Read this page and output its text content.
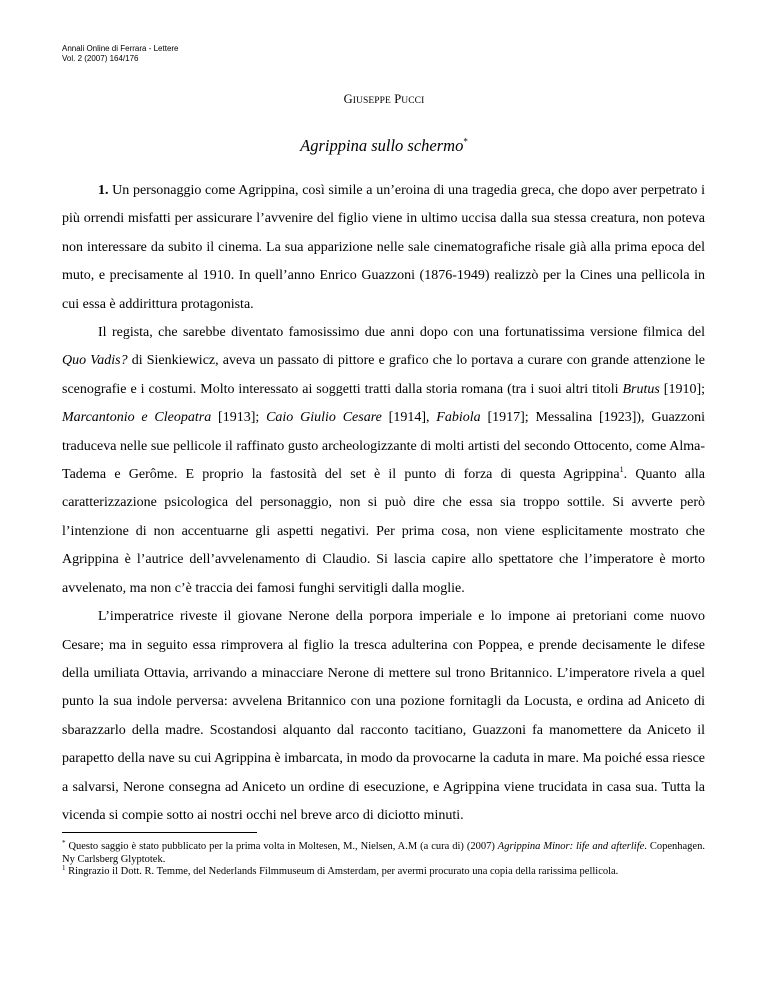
Annali Online di Ferrara - Lettere
Vol. 2 (2007) 164/176
GIUSEPPE PUCCI
Agrippina sullo schermo*

1. Un personaggio come Agrippina, così simile a un’eroina di una tragedia greca, che dopo aver perpetrato i più orrendi misfatti per assicurare l’avvenire del figlio viene in ultimo uccisa dalla sua stessa creatura, non poteva non interessare da subito il cinema. La sua apparizione nelle sale cinematografiche risale già alla prima epoca del muto, e precisamente al 1910. In quell’anno Enrico Guazzoni (1876-1949) realizzò per la Cines una pellicola in cui essa è addirittura protagonista.

Il regista, che sarebbe diventato famosissimo due anni dopo con una fortunatissima versione filmica del Quo Vadis? di Sienkiewicz, aveva un passato di pittore e grafico che lo portava a curare con grande attenzione le scenografie e i costumi. Molto interessato ai soggetti tratti dalla storia romana (tra i suoi altri titoli Brutus [1910]; Marcantonio e Cleopatra [1913]; Caio Giulio Cesare [1914], Fabiola [1917]; Messalina [1923]), Guazzoni traduceva nelle sue pellicole il raffinato gusto archeologizzante di molti artisti del secondo Ottocento, come Alma-Tadema e Gerôme. E proprio la fastosità del set è il punto di forza di questa Agrippina$^1$. Quanto alla caratterizzazione psicologica del personaggio, non si può dire che essa sia troppo sottile. Si avverte però l’intenzione di non accentuarne gli aspetti negativi. Per prima cosa, non viene esplicitamente mostrato che Agrippina è l’autrice dell’avvelenamento di Claudio. Si lascia capire allo spettatore che l’imperatore è morto avvelenato, ma non c’è traccia dei famosi funghi servitigli dalla moglie.

L’imperatrice riveste il giovane Nerone della porpora imperiale e lo impone ai pretoriani come nuovo Cesare; ma in seguito essa rimprovera al figlio la tresca adulterina con Poppea, e prende decisamente le difese della umiliata Ottavia, arrivando a minacciare Nerone di mettere sul trono Britannico. L’imperatore rivela a quel punto la sua indole perversa: avvelena Britannico con una pozione fornitagli da Locusta, e ordina ad Aniceto di sbarazzarlo della madre. Scostandosi alquanto dal racconto tacitiano, Guazzoni fa manomettere da Aniceto il parapetto della nave su cui Agrippina è imbarcata, in modo da provocarne la caduta in mare. Ma poiché essa riesce a salvarsi, Nerone consegna ad Aniceto un ordine di esecuzione, e Agrippina viene trucidata in casa sua. Tutta la vicenda si compie sotto ai nostri occhi nel breve arco di diciotto minuti.

* Questo saggio è stato pubblicato per la prima volta in Moltesen, M., Nielsen, A.M (a cura di) (2007) Agrippina Minor: life and afterlife. Copenhagen. Ny Carlsberg Glyptotek.

$^1$ Ringrazio il Dott. R. Temme, del Nederlands Filmmuseum di Amsterdam, per avermi procurato una copia della rarissima pellicola.
